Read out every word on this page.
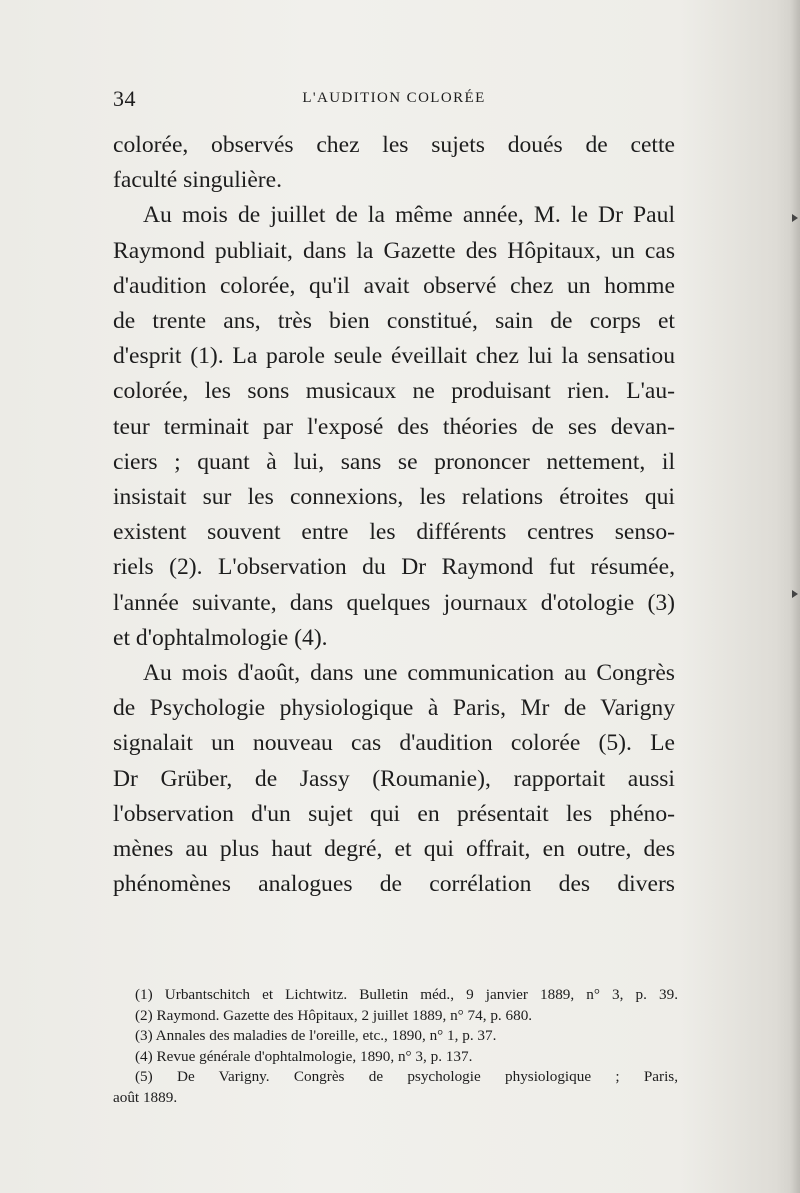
34	L'AUDITION COLORÉE
colorée, observés chez les sujets doués de cette
faculté singulière.
Au mois de juillet de la même année, M. le Dr Paul
Raymond publiait, dans la Gazette des Hôpitaux, un cas
d'audition colorée, qu'il avait observé chez un homme
de trente ans, très bien constitué, sain de corps et
d'esprit (1). La parole seule éveillait chez lui la sensatiou
colorée, les sons musicaux ne produisant rien. L'au-
teur terminait par l'exposé des théories de ses devan-
ciers ; quant à lui, sans se prononcer nettement, il
insistait sur les connexions, les relations étroites qui
existent souvent entre les différents centres senso-
riels (2). L'observation du Dr Raymond fut résumée,
l'année suivante, dans quelques journaux d'otologie (3)
et d'ophtalmologie (4).
Au mois d'août, dans une communication au Congrès
de Psychologie physiologique à Paris, Mr de Varigny
signalait un nouveau cas d'audition colorée (5). Le
Dr Grüber, de Jassy (Roumanie), rapportait aussi
l'observation d'un sujet qui en présentait les phéno-
mènes au plus haut degré, et qui offrait, en outre, des
phénomènes analogues de corrélation des divers
(1) Urbantschitch et Lichtwitz. Bulletin méd., 9 janvier 1889, n° 3, p. 39.
(2) Raymond. Gazette des Hôpitaux, 2 juillet 1889, n° 74, p. 680.
(3) Annales des maladies de l'oreille, etc., 1890, n° 1, p. 37.
(4) Revue générale d'ophtalmologie, 1890, n° 3, p. 137.
(5) De Varigny. Congrès de psychologie physiologique ; Paris,
août 1889.
